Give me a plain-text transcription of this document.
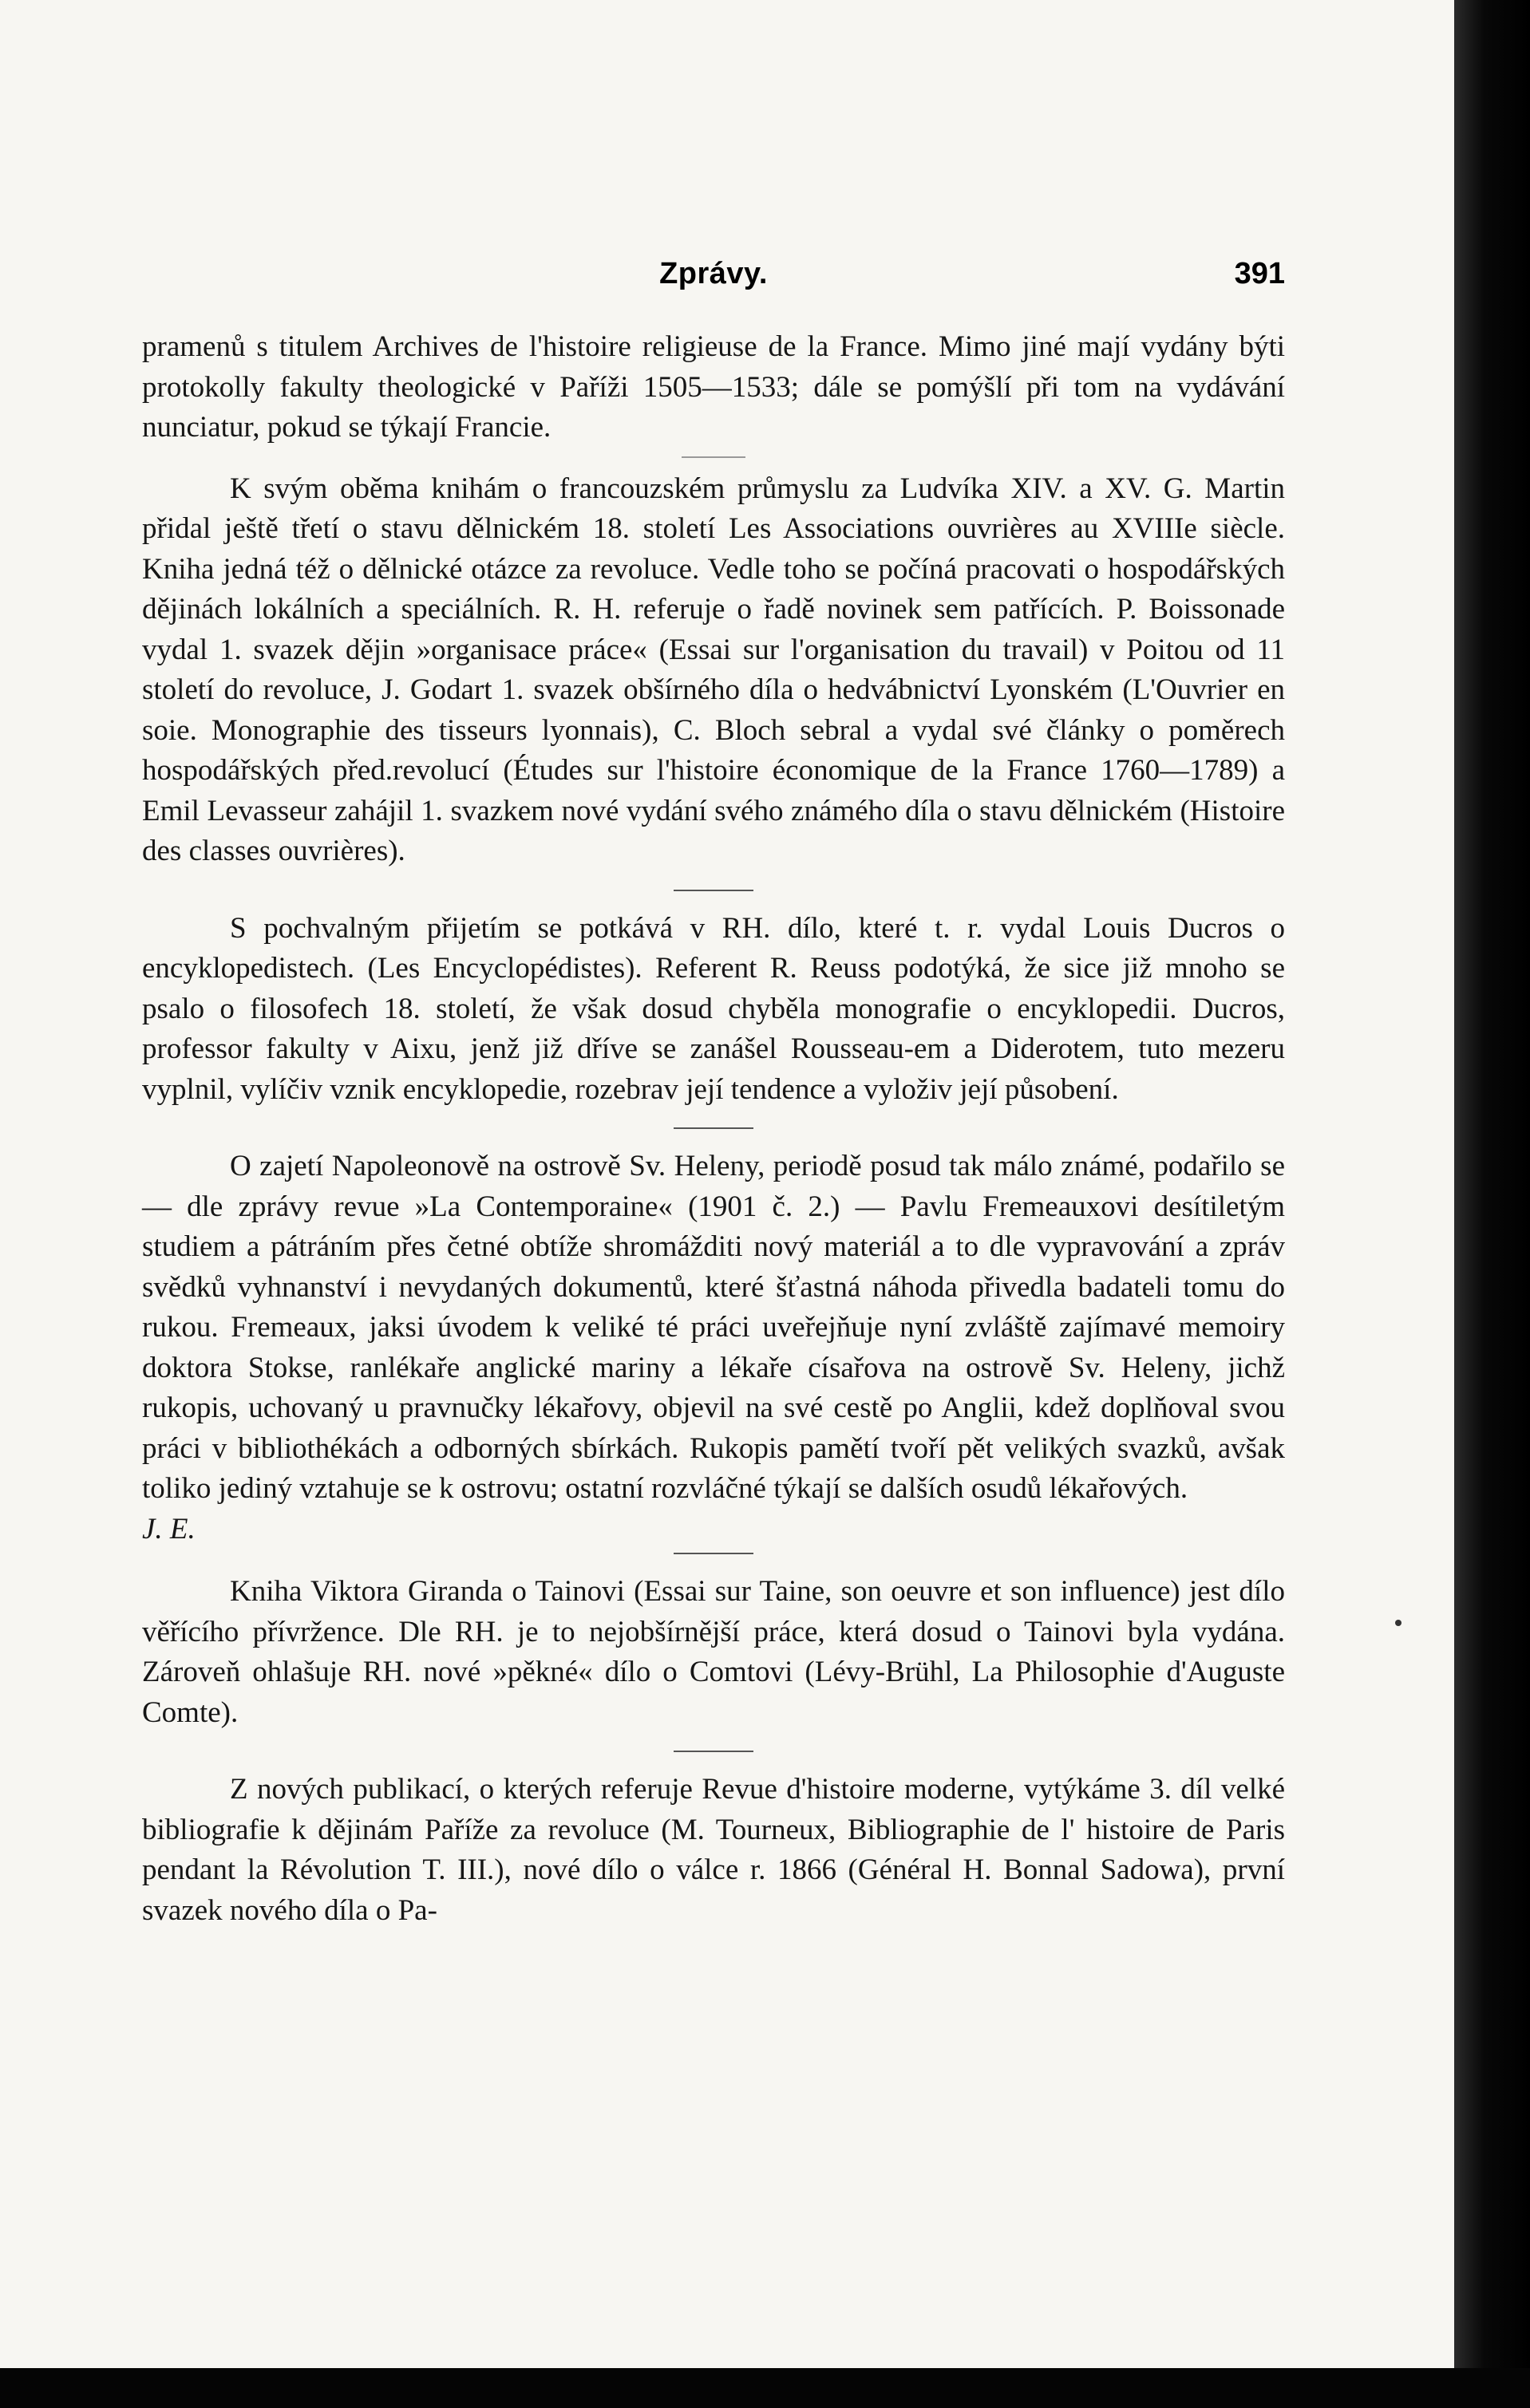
Zprávy.	391

pramenů s titulem Archives de l'histoire religieuse de la France. Mimo jiné mají vydány býti protokolly fakulty theologické v Paříži 1505—1533; dále se pomýšlí při tom na vydávání nunciatur, pokud se týkají Francie.

K svým oběma knihám o francouzském průmyslu za Ludvíka XIV. a XV. G. Martin přidal ještě třetí o stavu dělnickém 18. století Les Associations ouvrières au XVIIIe siècle. Kniha jedná též o dělnické otázce za revoluce. Vedle toho se počíná pracovati o hospodářských dějinách lokálních a speciálních. R. H. referuje o řadě novinek sem patřících. P. Boissonade vydal 1. svazek dějin »organisace práce« (Essai sur l'organisation du travail) v Poitou od 11 století do revoluce, J. Godart 1. svazek obšírného díla o hedvábnictví Lyonském (L'Ouvrier en soie. Monographie des tisseurs lyonnais), C. Bloch sebral a vydal své články o poměrech hospodářských před.revolucí (Études sur l'histoire économique de la France 1760—1789) a Emil Levasseur zahájil 1. svazkem nové vydání svého známého díla o stavu dělnickém (Histoire des classes ouvrières).

S pochvalným přijetím se potkává v RH. dílo, které t. r. vydal Louis Ducros o encyklopedistech. (Les Encyclopédistes). Referent R. Reuss podotýká, že sice již mnoho se psalo o filosofech 18. století, že však dosud chyběla monografie o encyklopedii. Ducros, professor fakulty v Aixu, jenž již dříve se zanášel Rousseau-em a Diderotem, tuto mezeru vyplnil, vylíčiv vznik encyklopedie, rozebrav její tendence a vyloživ její působení.

O zajetí Napoleonově na ostrově Sv. Heleny, periodě posud tak málo známé, podařilo se — dle zprávy revue »La Contemporaine« (1901 č. 2.) — Pavlu Fremeauxovi desítiletým studiem a pátráním přes četné obtíže shromážditi nový materiál a to dle vypravování a zpráv svědků vyhnanství i nevydaných dokumentů, které šťastná náhoda přivedla badateli tomu do rukou. Fremeaux, jaksi úvodem k veliké té práci uveřejňuje nyní zvláště zajímavé memoiry doktora Stokse, ranlékaře anglické mariny a lékaře císařova na ostrově Sv. Heleny, jichž rukopis, uchovaný u pravnučky lékařovy, objevil na své cestě po Anglii, kdež doplňoval svou práci v bibliothékách a odborných sbírkách. Rukopis pamětí tvoří pět velikých svazků, avšak toliko jediný vztahuje se k ostrovu; ostatní rozvláčné týkají se dalších osudů lékařových.

J. E.

Kniha Viktora Giranda o Tainovi (Essai sur Taine, son oeuvre et son influence) jest dílo věřícího přívržence. Dle RH. je to nejobšírnější práce, která dosud o Tainovi byla vydána. Zároveň ohlašuje RH. nové »pěkné« dílo o Comtovi (Lévy-Brühl, La Philosophie d'Auguste Comte).

Z nových publikací, o kterých referuje Revue d'histoire moderne, vytýkáme 3. díl velké bibliografie k dějinám Paříže za revoluce (M. Tourneux, Bibliographie de l' histoire de Paris pendant la Révolution T. III.), nové dílo o válce r. 1866 (Général H. Bonnal Sadowa), první svazek nového díla o Pa-
